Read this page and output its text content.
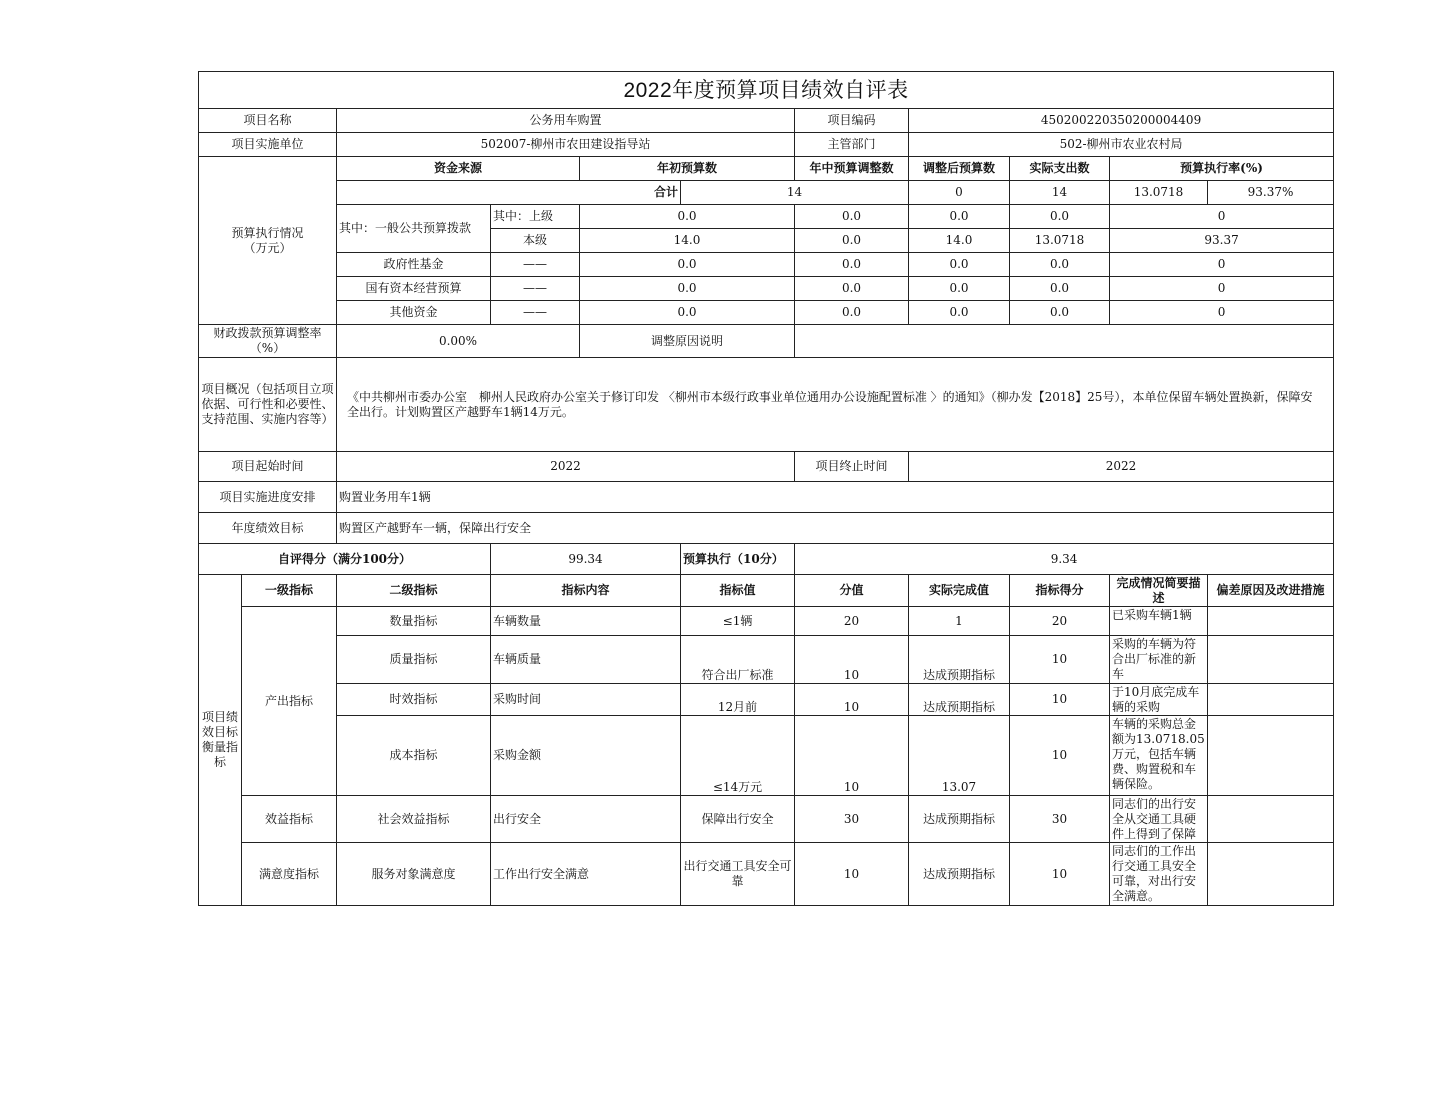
2022年度预算项目绩效自评表										
项目名称		公务用车购置				项目编码	450200220350200004409			
项目实施单位		502007-柳州市农田建设指导站				主管部门	502-柳州市农业农村局			
预算执行情况
（万元）		资金来源		年初预算数		年中预算调整数	调整后预算数	实际支出数	预算执行率(%)	
		合计			14		0	14	13.0718	93.37%
		其中：一般公共预算拨款	其中：上级	0.0		0.0	0.0	0.0	0	
			本级	14.0		0.0	14.0	13.0718	93.37	
		政府性基金	——	0.0		0.0	0.0	0.0	0	
		国有资本经营预算	——	0.0		0.0	0.0	0.0	0	
		其他资金	——	0.0		0.0	0.0	0.0	0	
财政拨款预算调整率（%）		0.00%		调整原因说明						
项目概况（包括项目立项依据、可行性和必要性、支持范围、实施内容等）		《中共柳州市委办公室　柳州人民政府办公室关于修订印发 〈柳州市本级行政事业单位通用办公设施配置标准 〉的通知》（柳办发【2018】25号），本单位保留车辆处置换新，保障安全出行。计划购置区产越野车1辆14万元。								
项目起始时间		2022				项目终止时间	2022			
项目实施进度安排		购置业务用车1辆								
年度绩效目标		购置区产越野车一辆，保障出行安全								
自评得分（满分100分）			99.34		预算执行（10分）	9.34				
项目绩效目标衡量指标	一级指标	二级指标	指标内容		指标值	分值	实际完成值	指标得分	完成情况简要描述	偏差原因及改进措施
	产出指标	数量指标	车辆数量		≤1辆	20	1	20	已采购车辆1辆	
		质量指标	车辆质量		符合出厂标准	10	达成预期指标	10	采购的车辆为符合出厂标准的新车	
		时效指标	采购时间		12月前	10	达成预期指标	10	于10月底完成车辆的采购	
		成本指标	采购金额		≤14万元	10	13.07	10	车辆的采购总金额为13.0718.05万元，包括车辆费、购置税和车辆保险。	
	效益指标	社会效益指标	出行安全		保障出行安全	30	达成预期指标	30	同志们的出行安全从交通工具硬件上得到了保障	
	满意度指标	服务对象满意度	工作出行安全满意		出行交通工具安全可靠	10	达成预期指标	10	同志们的工作出行交通工具安全可靠，对出行安全满意。	
